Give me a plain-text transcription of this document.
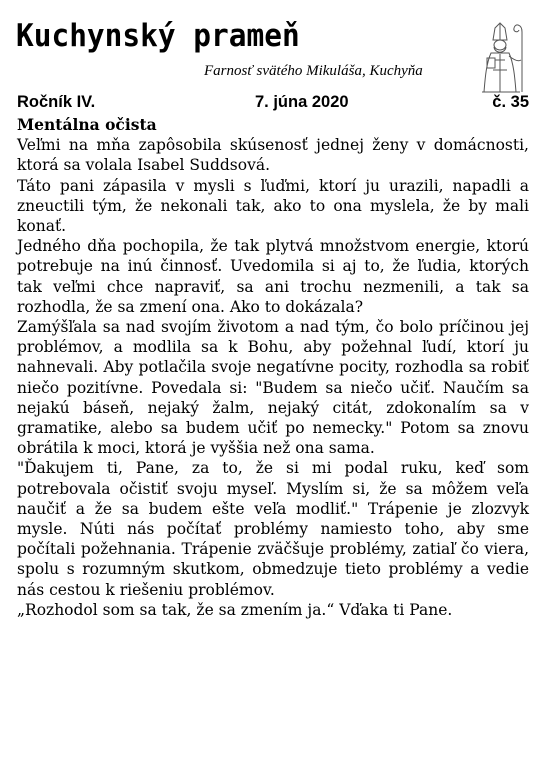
Kuchynský prameň
Farnosť svätého Mikuláša, Kuchyňa
Ročník IV.	7. júna 2020	č. 35
Mentálna očista

Veľmi na mňa zapôsobila skúsenosť jednej ženy v domácnosti, ktorá sa volala Isabel Suddsová.

Táto pani zápasila v mysli s ľuďmi, ktorí ju urazili, napadli a zneuctili tým, že nekonali tak, ako to ona myslela, že by mali konať.

Jedného dňa pochopila, že tak plytvá množstvom energie, ktorú potrebuje na inú činnosť. Uvedomila si aj to, že ľudia, ktorých tak veľmi chce napraviť, sa ani trochu nezmenili, a tak sa rozhodla, že sa zmení ona. Ako to dokázala?

Zamýšľala sa nad svojím životom a nad tým, čo bolo príčinou jej problémov, a modlila sa k Bohu, aby požehnal ľudí, ktorí ju nahnevali. Aby potlačila svoje negatívne pocity, rozhodla sa robiť niečo pozitívne. Povedala si: "Budem sa niečo učiť. Naučím sa nejakú báseň, nejaký žalm, nejaký citát, zdokonalím sa v gramatike, alebo sa budem učiť po nemecky." Potom sa znovu obrátila k moci, ktorá je vyššia než ona sama.

"Ďakujem ti, Pane, za to, že si mi podal ruku, keď som potrebovala očistiť svoju myseľ. Myslím si, že sa môžem veľa naučiť a že sa budem ešte veľa modliť." Trápenie je zlozvyk mysle. Núti nás počítať problémy namiesto toho, aby sme počítali požehnania. Trápenie zväčšuje problémy, zatiaľ čo viera, spolu s rozumným skutkom, obmedzuje tieto problémy a vedie nás cestou k riešeniu problémov.

„Rozhodol som sa tak, že sa zmením ja.“ Vďaka ti Pane.
